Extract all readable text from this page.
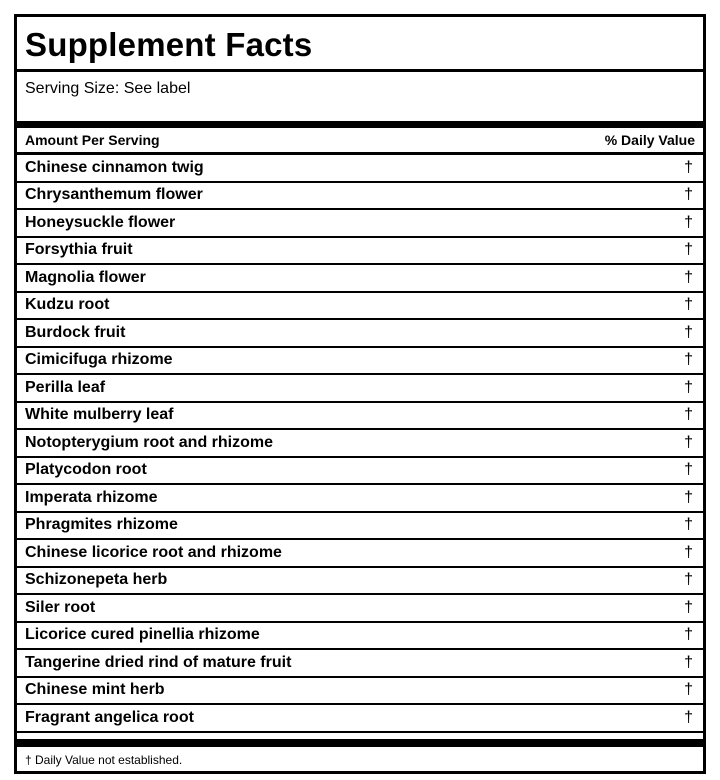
Supplement Facts
Serving Size: See label
Amount Per Serving	% Daily Value
Chinese cinnamon twig	†
Chrysanthemum flower	†
Honeysuckle flower	†
Forsythia fruit	†
Magnolia flower	†
Kudzu root	†
Burdock fruit	†
Cimicifuga rhizome	†
Perilla leaf	†
White mulberry leaf	†
Notopterygium root and rhizome	†
Platycodon root	†
Imperata rhizome	†
Phragmites rhizome	†
Chinese licorice root and rhizome	†
Schizonepeta herb	†
Siler root	†
Licorice cured pinellia rhizome	†
Tangerine dried rind of mature fruit	†
Chinese mint herb	†
Fragrant angelica root	†
† Daily Value not established.
